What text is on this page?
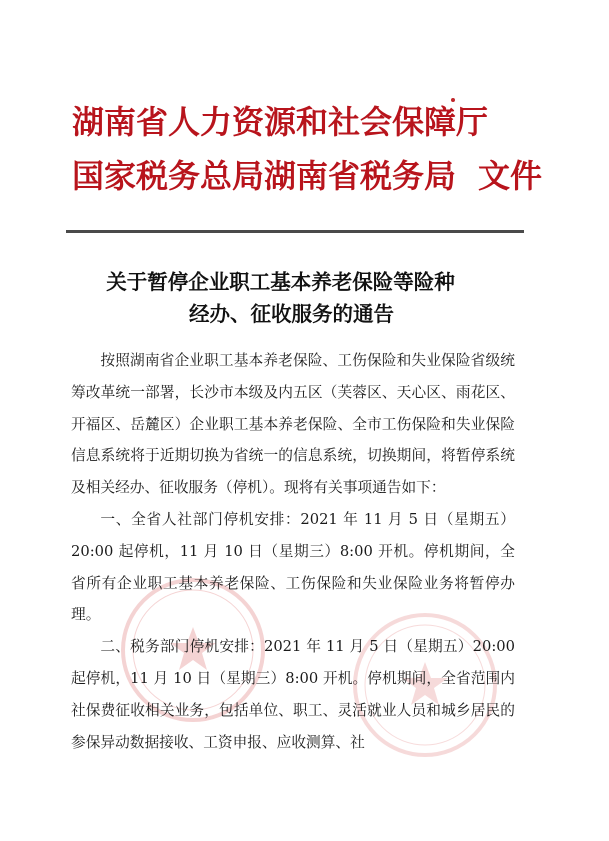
湖南省人力资源和社会保障厅
国家税务总局湖南省税务局 文件
关于暂停企业职工基本养老保险等险种
经办、征收服务的通告

按照湖南省企业职工基本养老保险、工伤保险和失业保险省级统筹改革统一部署，长沙市本级及内五区（芙蓉区、天心区、雨花区、开福区、岳麓区）企业职工基本养老保险、全市工伤保险和失业保险信息系统将于近期切换为省统一的信息系统，切换期间，将暂停系统及相关经办、征收服务（停机）。现将有关事项通告如下：

一、全省人社部门停机安排：2021 年 11 月 5 日（星期五）20:00 起停机，11 月 10 日（星期三）8:00 开机。停机期间，全省所有企业职工基本养老保险、工伤保险和失业保险业务将暂停办理。

二、税务部门停机安排：2021 年 11 月 5 日（星期五）20:00 起停机，11 月 10 日（星期三）8:00 开机。停机期间，全省范围内社保费征收相关业务，包括单位、职工、灵活就业人员和城乡居民的参保异动数据接收、工资申报、应收测算、社
